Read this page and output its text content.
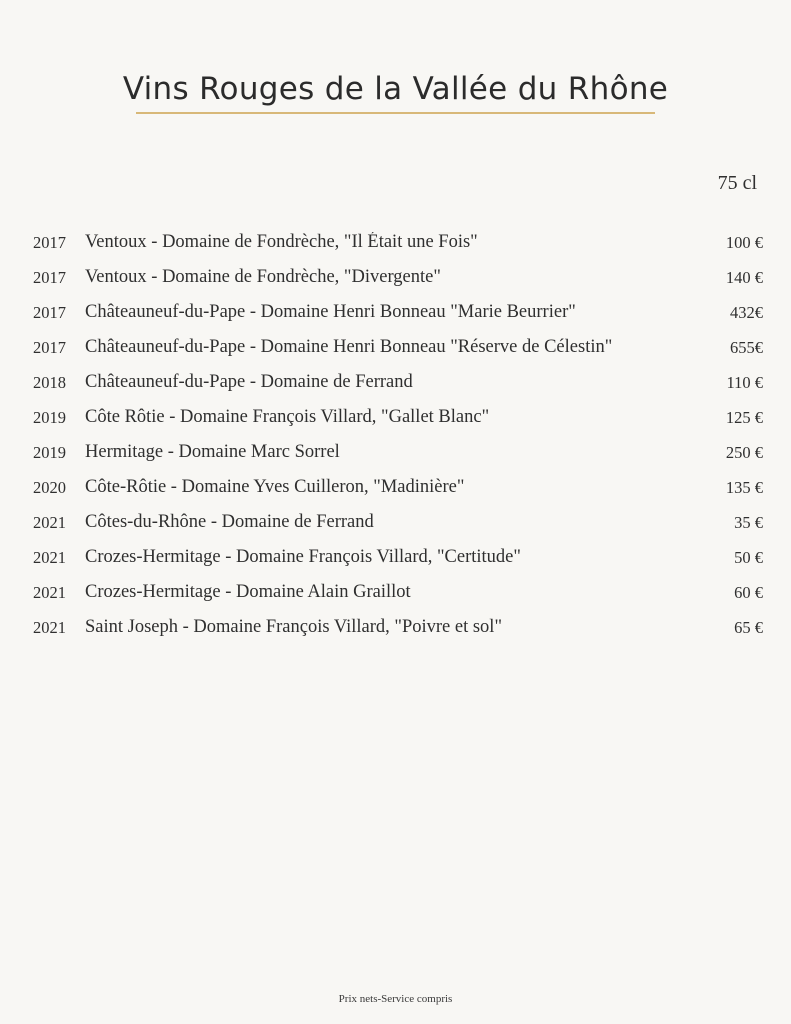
Vins Rouges de la Vallée du Rhône
75 cl
2017	Ventoux - Domaine de Fondrèche, "Il Était une Fois"	100 €
2017	Ventoux - Domaine de Fondrèche, "Divergente"	140 €
2017	Châteauneuf-du-Pape - Domaine Henri Bonneau "Marie Beurrier"	432€
2017	Châteauneuf-du-Pape - Domaine Henri Bonneau "Réserve de Célestin"	655€
2018	Châteauneuf-du-Pape - Domaine de Ferrand	110 €
2019	Côte Rôtie - Domaine François Villard, "Gallet Blanc"	125 €
2019	Hermitage - Domaine Marc Sorrel	250 €
2020	Côte-Rôtie - Domaine Yves Cuilleron, "Madinière"	135 €
2021	Côtes-du-Rhône - Domaine de Ferrand	35 €
2021	Crozes-Hermitage - Domaine François Villard, "Certitude"	50 €
2021	Crozes-Hermitage - Domaine Alain Graillot	60 €
2021	Saint Joseph - Domaine François Villard, "Poivre et sol"	65 €
Prix nets-Service compris
